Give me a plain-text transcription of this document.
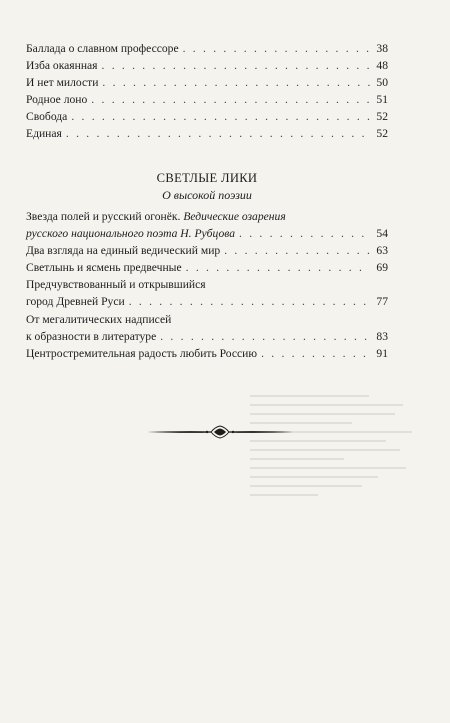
Баллада о славном профессоре . . .	38
Изба окаянная . . .	48
И нет милости . . .	50
Родное лоно . . .	51
Свобода . . .	52
Единая . . .	52
СВЕТЛЫЕ ЛИКИ
О высокой поэзии
Звезда полей и русский огонёк. Ведические озарения
русского национального поэта Н. Рубцова . . .	54
Два взгляда на единый ведический мир . . .	63
Светлынь и ясмень предвечные . . .	69
Предчувствованный и открывшийся
город Древней Руси . . .	77
От мегалитических надписей
к образности в литературе . . .	83
Центростремительная радость любить Россию . . .	91
